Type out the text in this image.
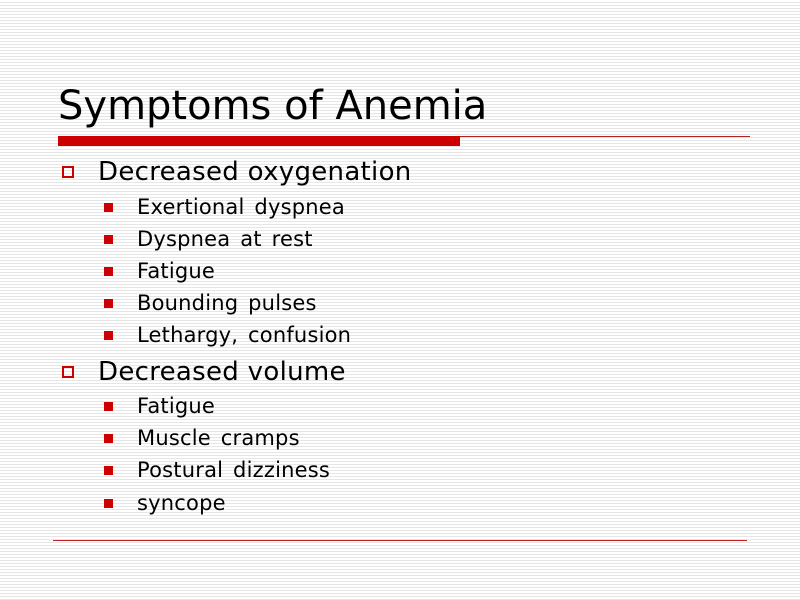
Symptoms of Anemia
Decreased oxygenation
Exertional dyspnea
Dyspnea at rest
Fatigue
Bounding pulses
Lethargy, confusion
Decreased volume
Fatigue
Muscle cramps
Postural dizziness
syncope
